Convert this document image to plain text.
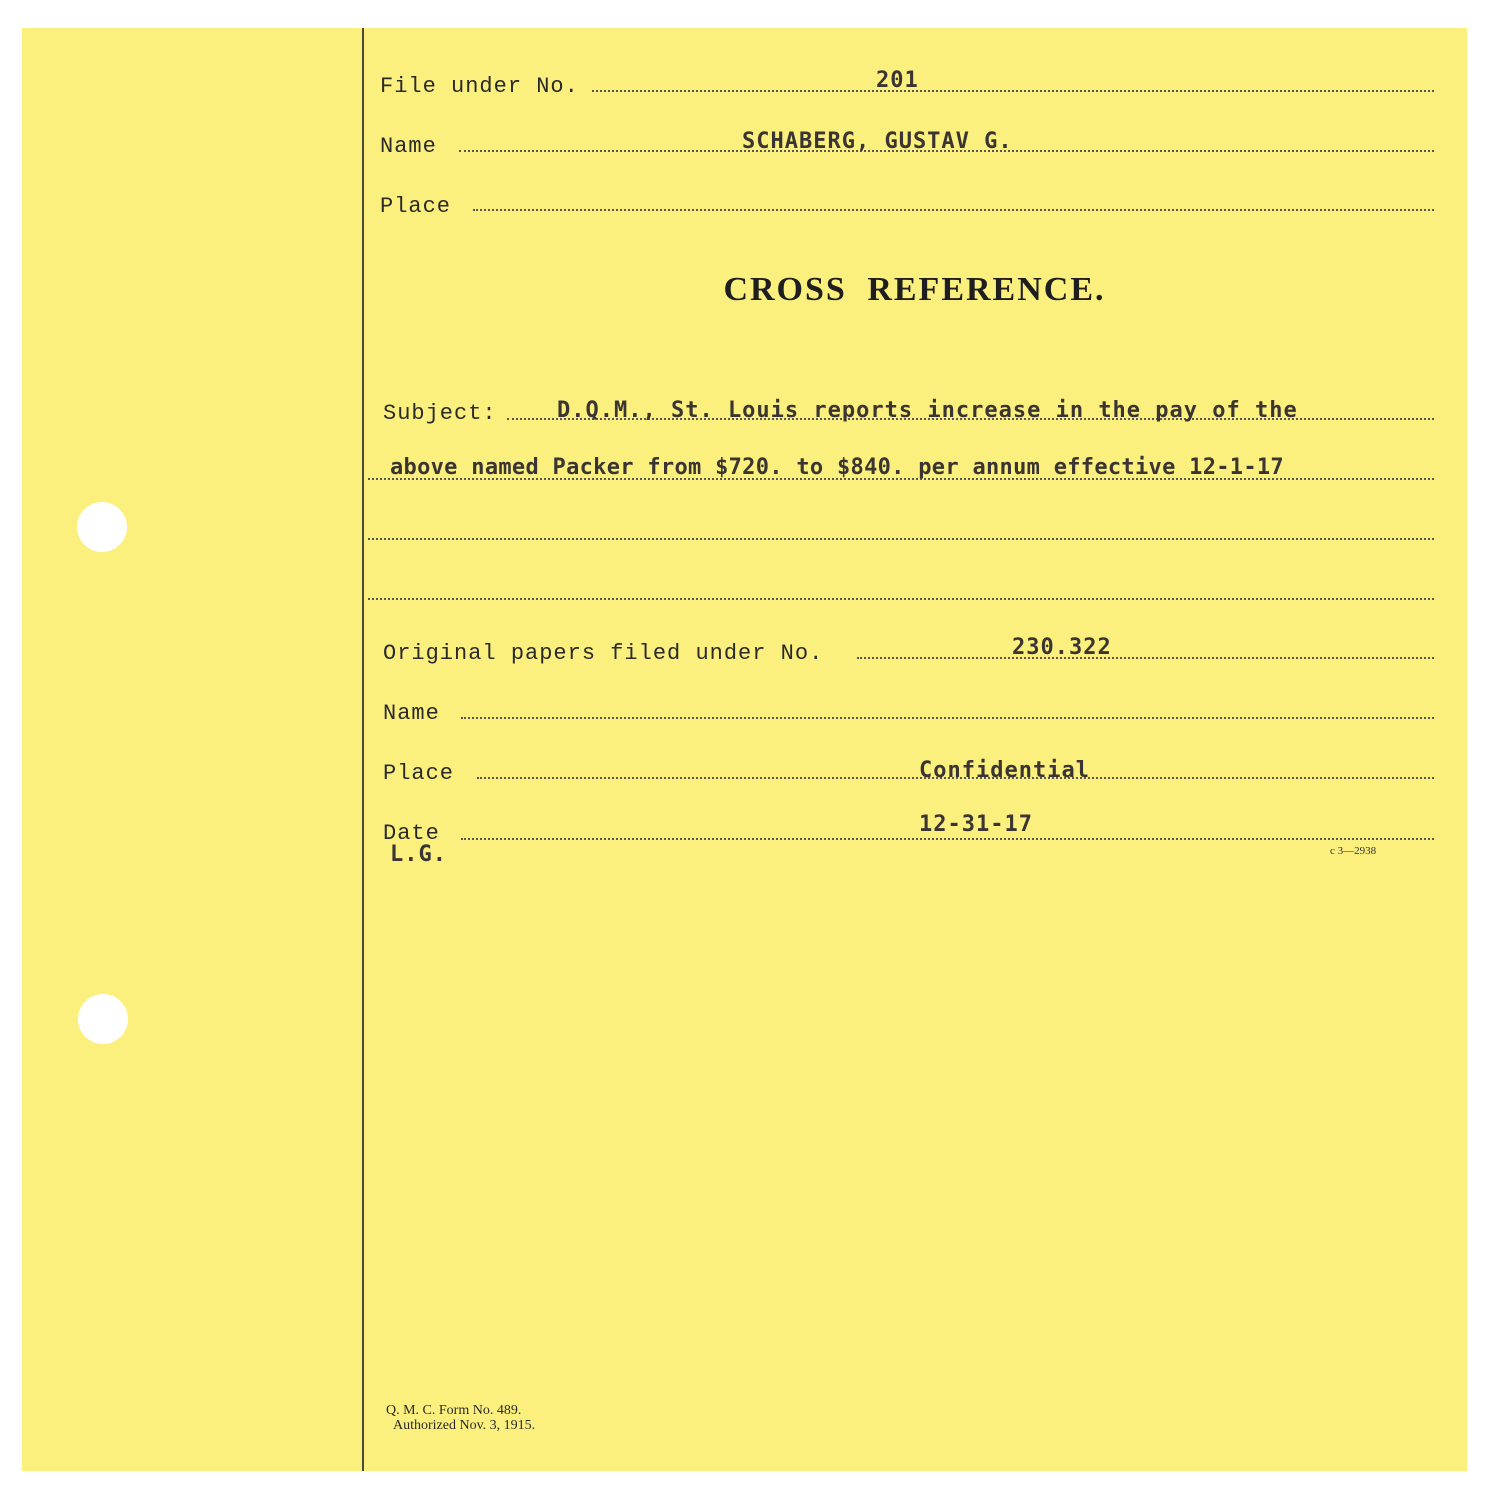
File under No.	201
Name	SCHABERG, GUSTAV G.
Place
CROSS REFERENCE.
Subject:	D.Q.M., St. Louis reports increase in the pay of the
above named Packer from $720. to $840. per annum effective 12-1-17
Original papers filed under No.	230.322
Name
Place	Confidential
Date	12-31-17
L.G.	c 3—2938
Q. M. C. Form No. 489.
Authorized Nov. 3, 1915.
